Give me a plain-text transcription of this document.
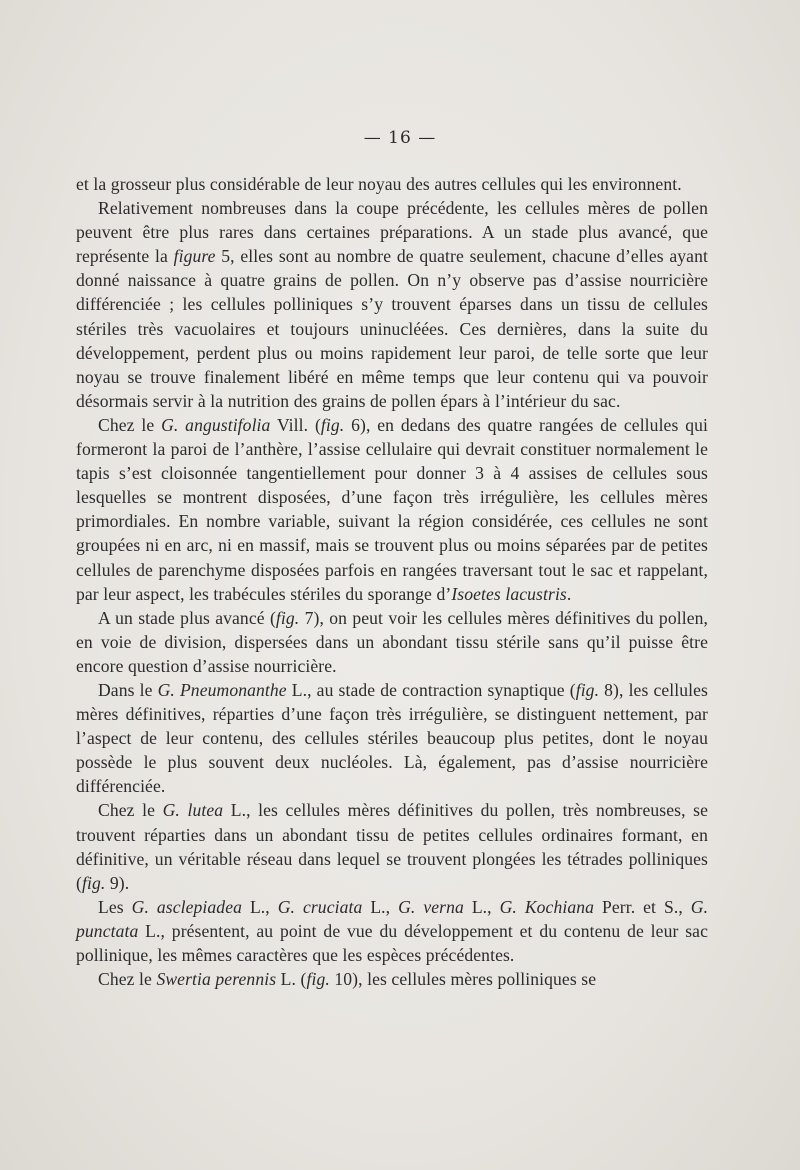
— 16 —

et la grosseur plus considérable de leur noyau des autres cellules qui les environnent.

Relativement nombreuses dans la coupe précédente, les cellules mères de pollen peuvent être plus rares dans certaines préparations. A un stade plus avancé, que représente la figure 5, elles sont au nombre de quatre seulement, chacune d’elles ayant donné naissance à quatre grains de pollen. On n’y observe pas d’assise nourricière différenciée ; les cellules polliniques s’y trouvent éparses dans un tissu de cellules stériles très vacuolaires et toujours uninucléées. Ces dernières, dans la suite du développement, perdent plus ou moins rapidement leur paroi, de telle sorte que leur noyau se trouve finalement libéré en même temps que leur contenu qui va pouvoir désormais servir à la nutrition des grains de pollen épars à l’intérieur du sac.

Chez le G. angustifolia Vill. (fig. 6), en dedans des quatre rangées de cellules qui formeront la paroi de l’anthère, l’assise cellulaire qui devrait constituer normalement le tapis s’est cloisonnée tangentiellement pour donner 3 à 4 assises de cellules sous lesquelles se montrent disposées, d’une façon très irrégulière, les cellules mères primordiales. En nombre variable, suivant la région considérée, ces cellules ne sont groupées ni en arc, ni en massif, mais se trouvent plus ou moins séparées par de petites cellules de parenchyme disposées parfois en rangées traversant tout le sac et rappelant, par leur aspect, les trabécules stériles du sporange d’Isoetes lacustris.

A un stade plus avancé (fig. 7), on peut voir les cellules mères définitives du pollen, en voie de division, dispersées dans un abondant tissu stérile sans qu’il puisse être encore question d’assise nourricière.

Dans le G. Pneumonanthe L., au stade de contraction synaptique (fig. 8), les cellules mères définitives, réparties d’une façon très irrégulière, se distinguent nettement, par l’aspect de leur contenu, des cellules stériles beaucoup plus petites, dont le noyau possède le plus souvent deux nucléoles. Là, également, pas d’assise nourricière différenciée.

Chez le G. lutea L., les cellules mères définitives du pollen, très nombreuses, se trouvent réparties dans un abondant tissu de petites cellules ordinaires formant, en définitive, un véritable réseau dans lequel se trouvent plongées les tétrades polliniques (fig. 9).

Les G. asclepiadea L., G. cruciata L., G. verna L., G. Kochiana Perr. et S., G. punctata L., présentent, au point de vue du développement et du contenu de leur sac pollinique, les mêmes caractères que les espèces précédentes.

Chez le Swertia perennis L. (fig. 10), les cellules mères polliniques se
